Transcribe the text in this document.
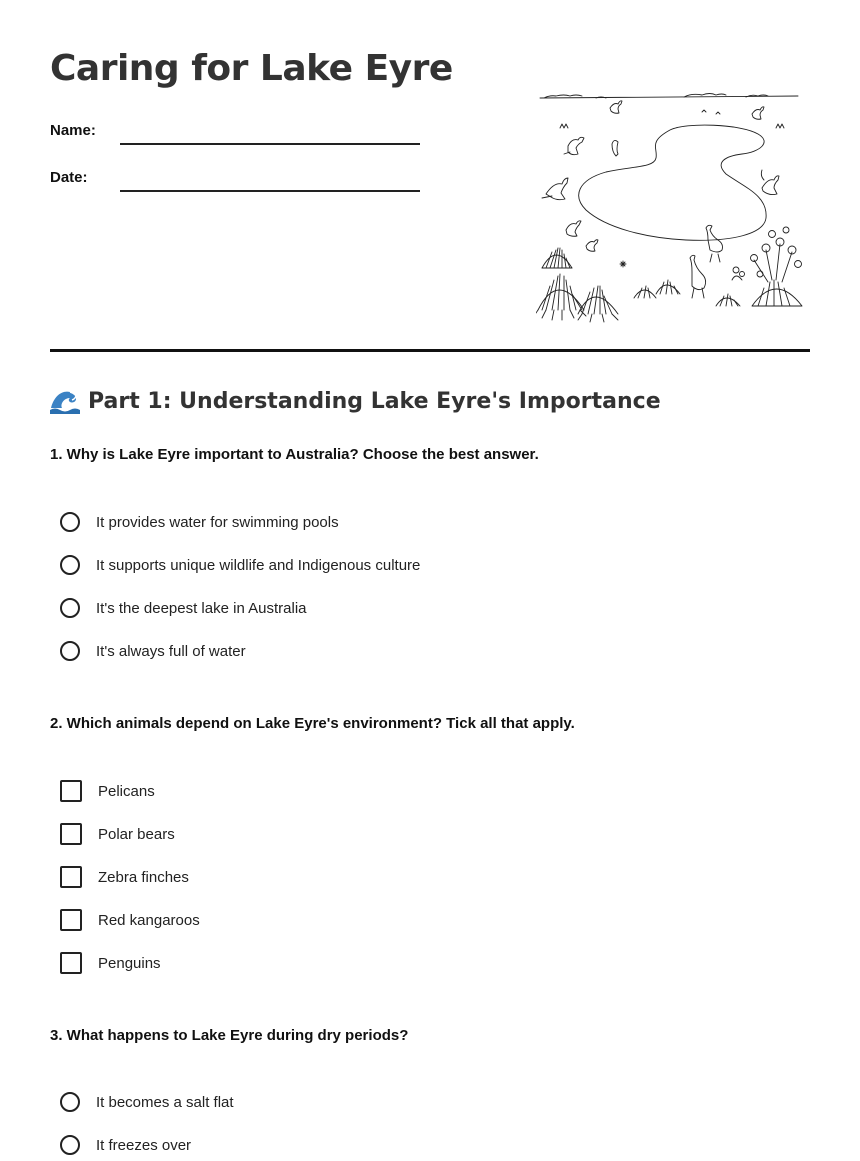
Caring for Lake Eyre
Name:
Date:
Part 1: Understanding Lake Eyre's Importance
1. Why is Lake Eyre important to Australia? Choose the best answer.
It provides water for swimming pools
It supports unique wildlife and Indigenous culture
It's the deepest lake in Australia
It's always full of water
2. Which animals depend on Lake Eyre's environment? Tick all that apply.
Pelicans
Polar bears
Zebra finches
Red kangaroos
Penguins
3. What happens to Lake Eyre during dry periods?
It becomes a salt flat
It freezes over
